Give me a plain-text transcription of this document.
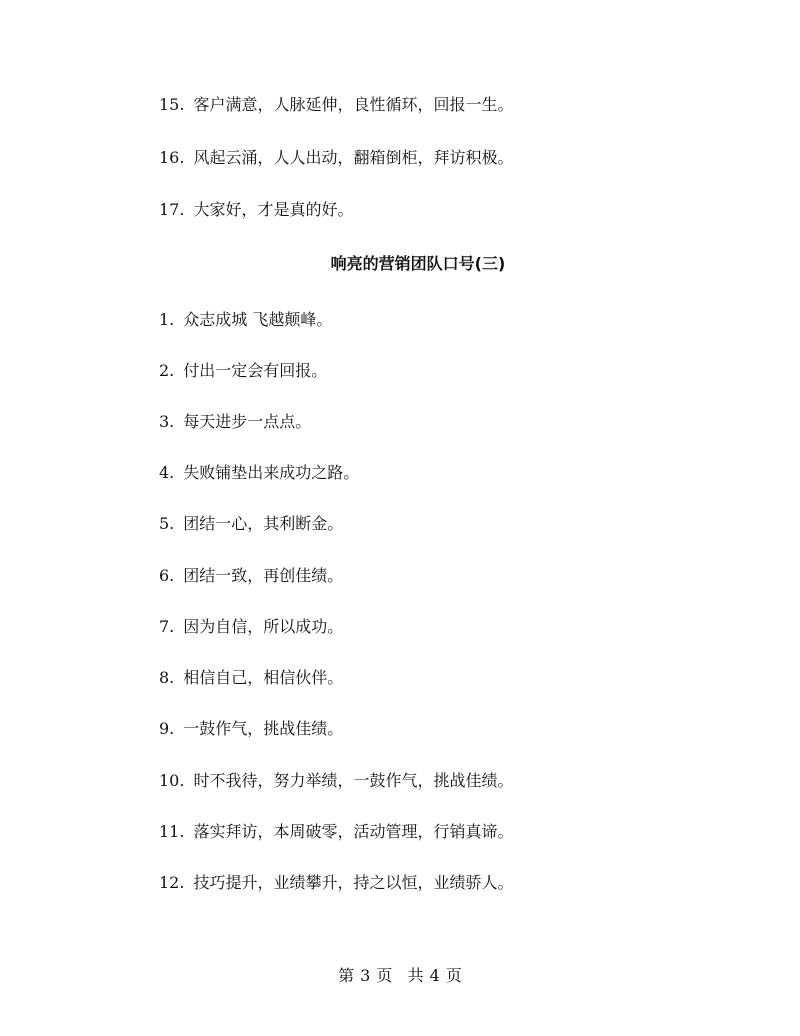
15. 客户满意，人脉延伸，良性循环，回报一生。
16. 风起云涌，人人出动，翻箱倒柜，拜访积极。
17. 大家好，才是真的好。
响亮的营销团队口号(三)
1. 众志成城 飞越颠峰。
2. 付出一定会有回报。
3. 每天进步一点点。
4. 失败铺垫出来成功之路。
5. 团结一心，其利断金。
6. 团结一致，再创佳绩。
7. 因为自信，所以成功。
8. 相信自己，相信伙伴。
9. 一鼓作气，挑战佳绩。
10. 时不我待，努力举绩，一鼓作气，挑战佳绩。
11. 落实拜访，本周破零，活动管理，行销真谛。
12. 技巧提升，业绩攀升，持之以恒，业绩骄人。
第 3 页 共 4 页
